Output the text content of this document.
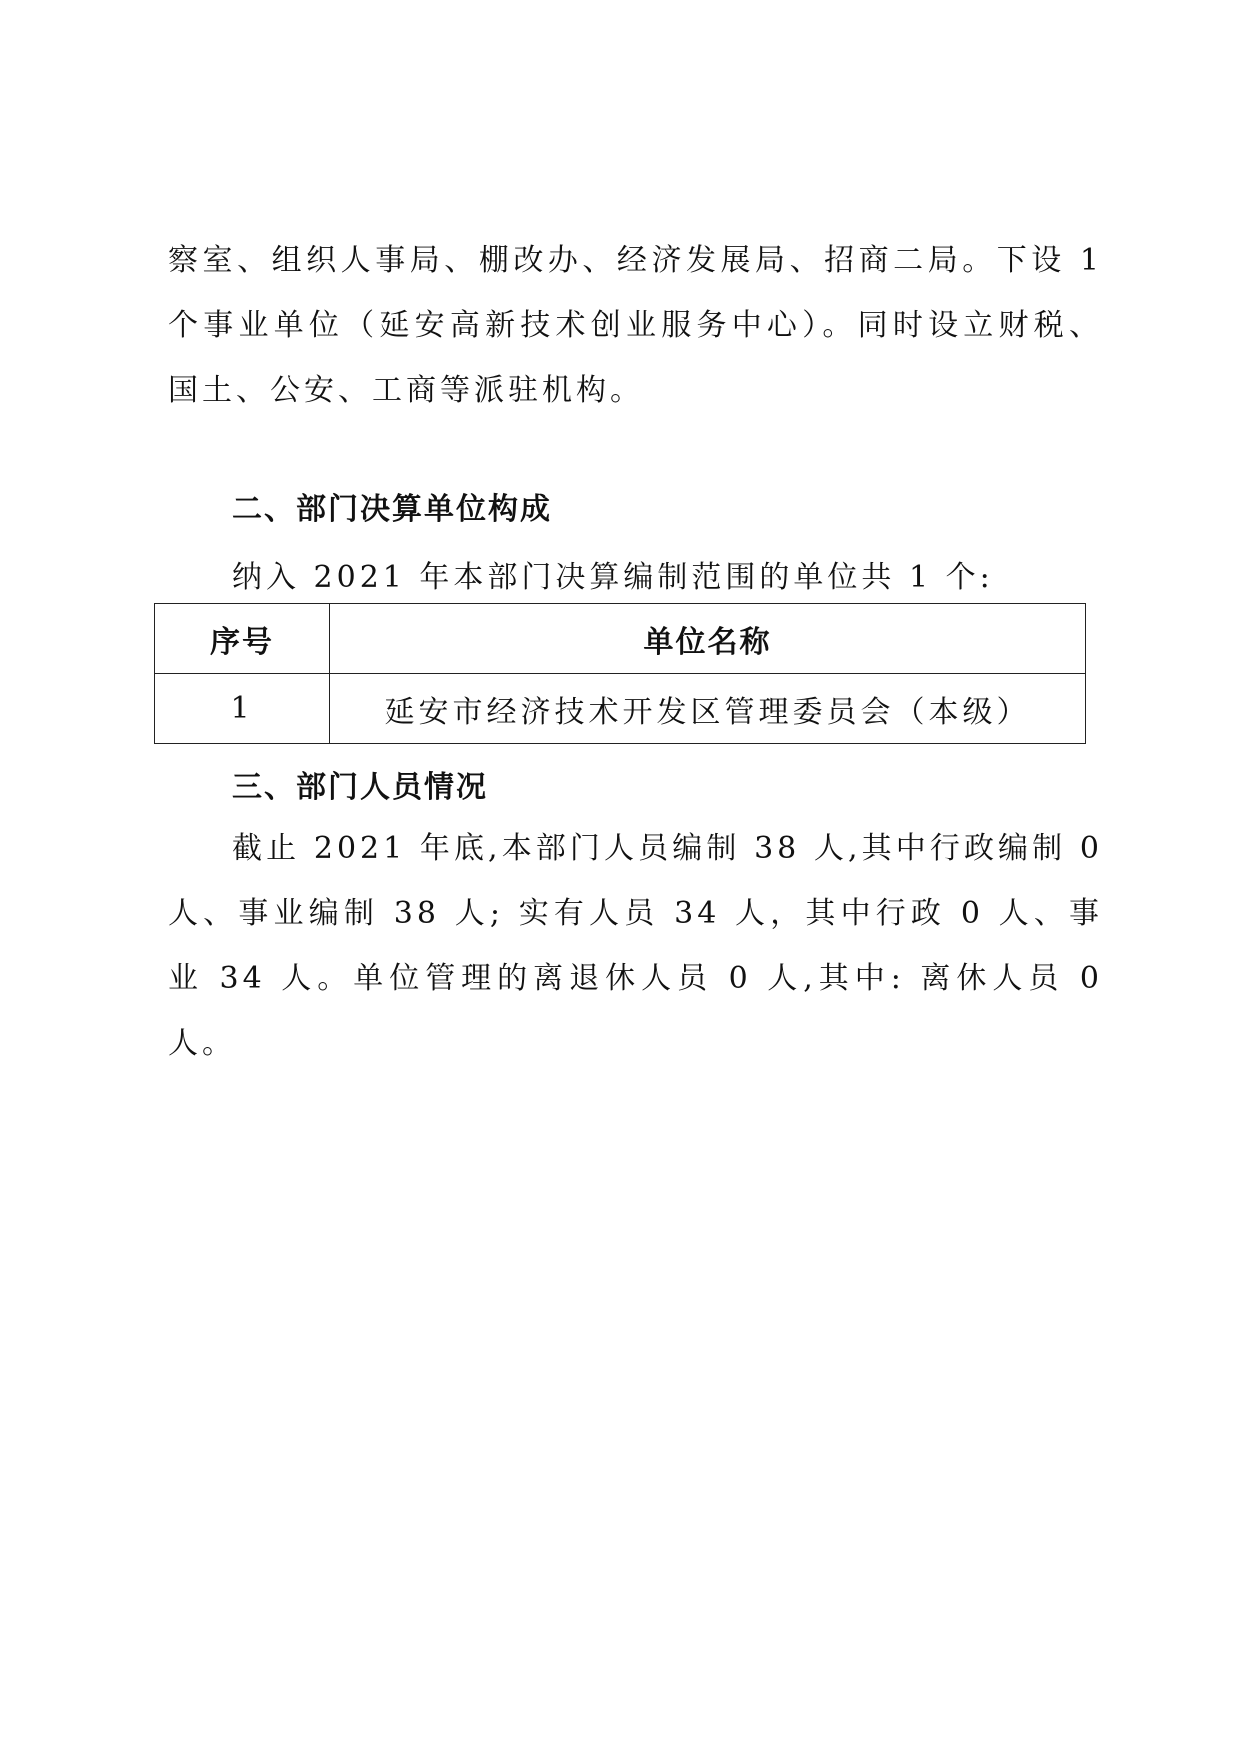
察室、组织人事局、棚改办、经济发展局、招商二局。下设 1 个事业单位（延安高新技术创业服务中心）。同时设立财税、国土、公安、工商等派驻机构。

二、部门决算单位构成

纳入 2021 年本部门决算编制范围的单位共 1 个:

序号	单位名称
1	延安市经济技术开发区管理委员会（本级）
三、部门人员情况

截止 2021 年底,本部门人员编制 38 人,其中行政编制 0 人、事业编制 38 人; 实有人员 34 人，其中行政 0 人、事业 34 人。单位管理的离退休人员 0 人,其中: 离休人员 0 人。
